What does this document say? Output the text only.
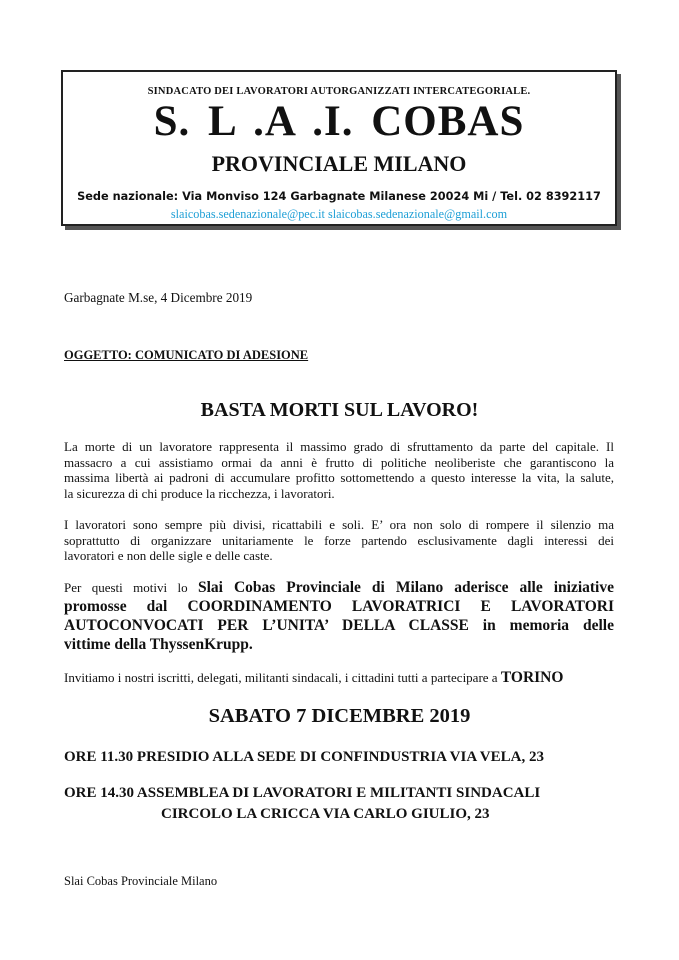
SINDACATO DEI LAVORATORI AUTORGANIZZATI INTERCATEGORIALE.
S. L .A .I. COBAS
PROVINCIALE MILANO
Sede nazionale: Via Monviso 124 Garbagnate Milanese 20024 Mi / Tel. 02 8392117
slaicobas.sedenazionale@pec.it slaicobas.sedenazionale@gmail.com
Garbagnate M.se, 4 Dicembre 2019
OGGETTO: COMUNICATO DI ADESIONE
BASTA MORTI SUL LAVORO!
La morte di un lavoratore rappresenta il massimo grado di sfruttamento da parte del capitale. Il
massacro a cui assistiamo ormai da anni è frutto di politiche neoliberiste che garantiscono la
massima libertà ai padroni di accumulare profitto sottomettendo a questo interesse la vita, la salute,
la sicurezza di chi produce la ricchezza, i lavoratori.
I lavoratori sono sempre più divisi, ricattabili e soli. E’ ora non solo di rompere il silenzio ma
soprattutto di organizzare unitariamente le forze partendo esclusivamente dagli interessi dei
lavoratori e non delle sigle e delle caste.
Per questi motivi lo Slai Cobas Provinciale di Milano aderisce alle iniziative
promosse dal COORDINAMENTO LAVORATRICI E LAVORATORI
AUTOCONVOCATI PER L’UNITA’ DELLA CLASSE in memoria delle
vittime della ThyssenKrupp.
Invitiamo i nostri iscritti, delegati, militanti sindacali, i cittadini tutti a partecipare a TORINO
SABATO 7 DICEMBRE 2019
ORE 11.30 PRESIDIO ALLA SEDE DI CONFINDUSTRIA VIA VELA, 23
ORE 14.30 ASSEMBLEA DI LAVORATORI E MILITANTI SINDACALI
CIRCOLO LA CRICCA VIA CARLO GIULIO, 23
Slai Cobas Provinciale Milano
